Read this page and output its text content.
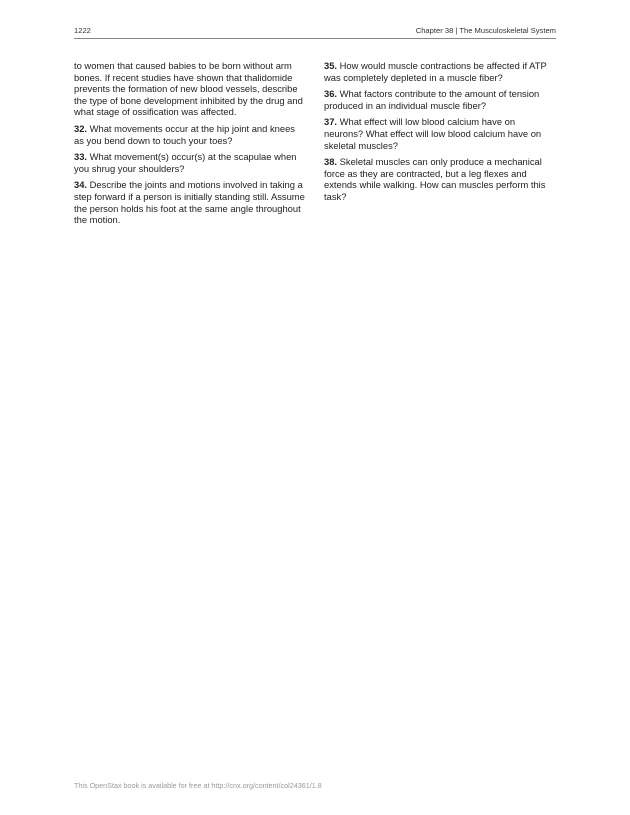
1222	Chapter 38 | The Musculoskeletal System

to women that caused babies to be born without arm bones. If recent studies have shown that thalidomide prevents the formation of new blood vessels, describe the type of bone development inhibited by the drug and what stage of ossification was affected.

32. What movements occur at the hip joint and knees as you bend down to touch your toes?

33. What movement(s) occur(s) at the scapulae when you shrug your shoulders?

34. Describe the joints and motions involved in taking a step forward if a person is initially standing still. Assume the person holds his foot at the same angle throughout the motion.

35. How would muscle contractions be affected if ATP was completely depleted in a muscle fiber?

36. What factors contribute to the amount of tension produced in an individual muscle fiber?

37. What effect will low blood calcium have on neurons? What effect will low blood calcium have on skeletal muscles?

38. Skeletal muscles can only produce a mechanical force as they are contracted, but a leg flexes and extends while walking. How can muscles perform this task?

This OpenStax book is available for free at http://cnx.org/content/col24361/1.8
